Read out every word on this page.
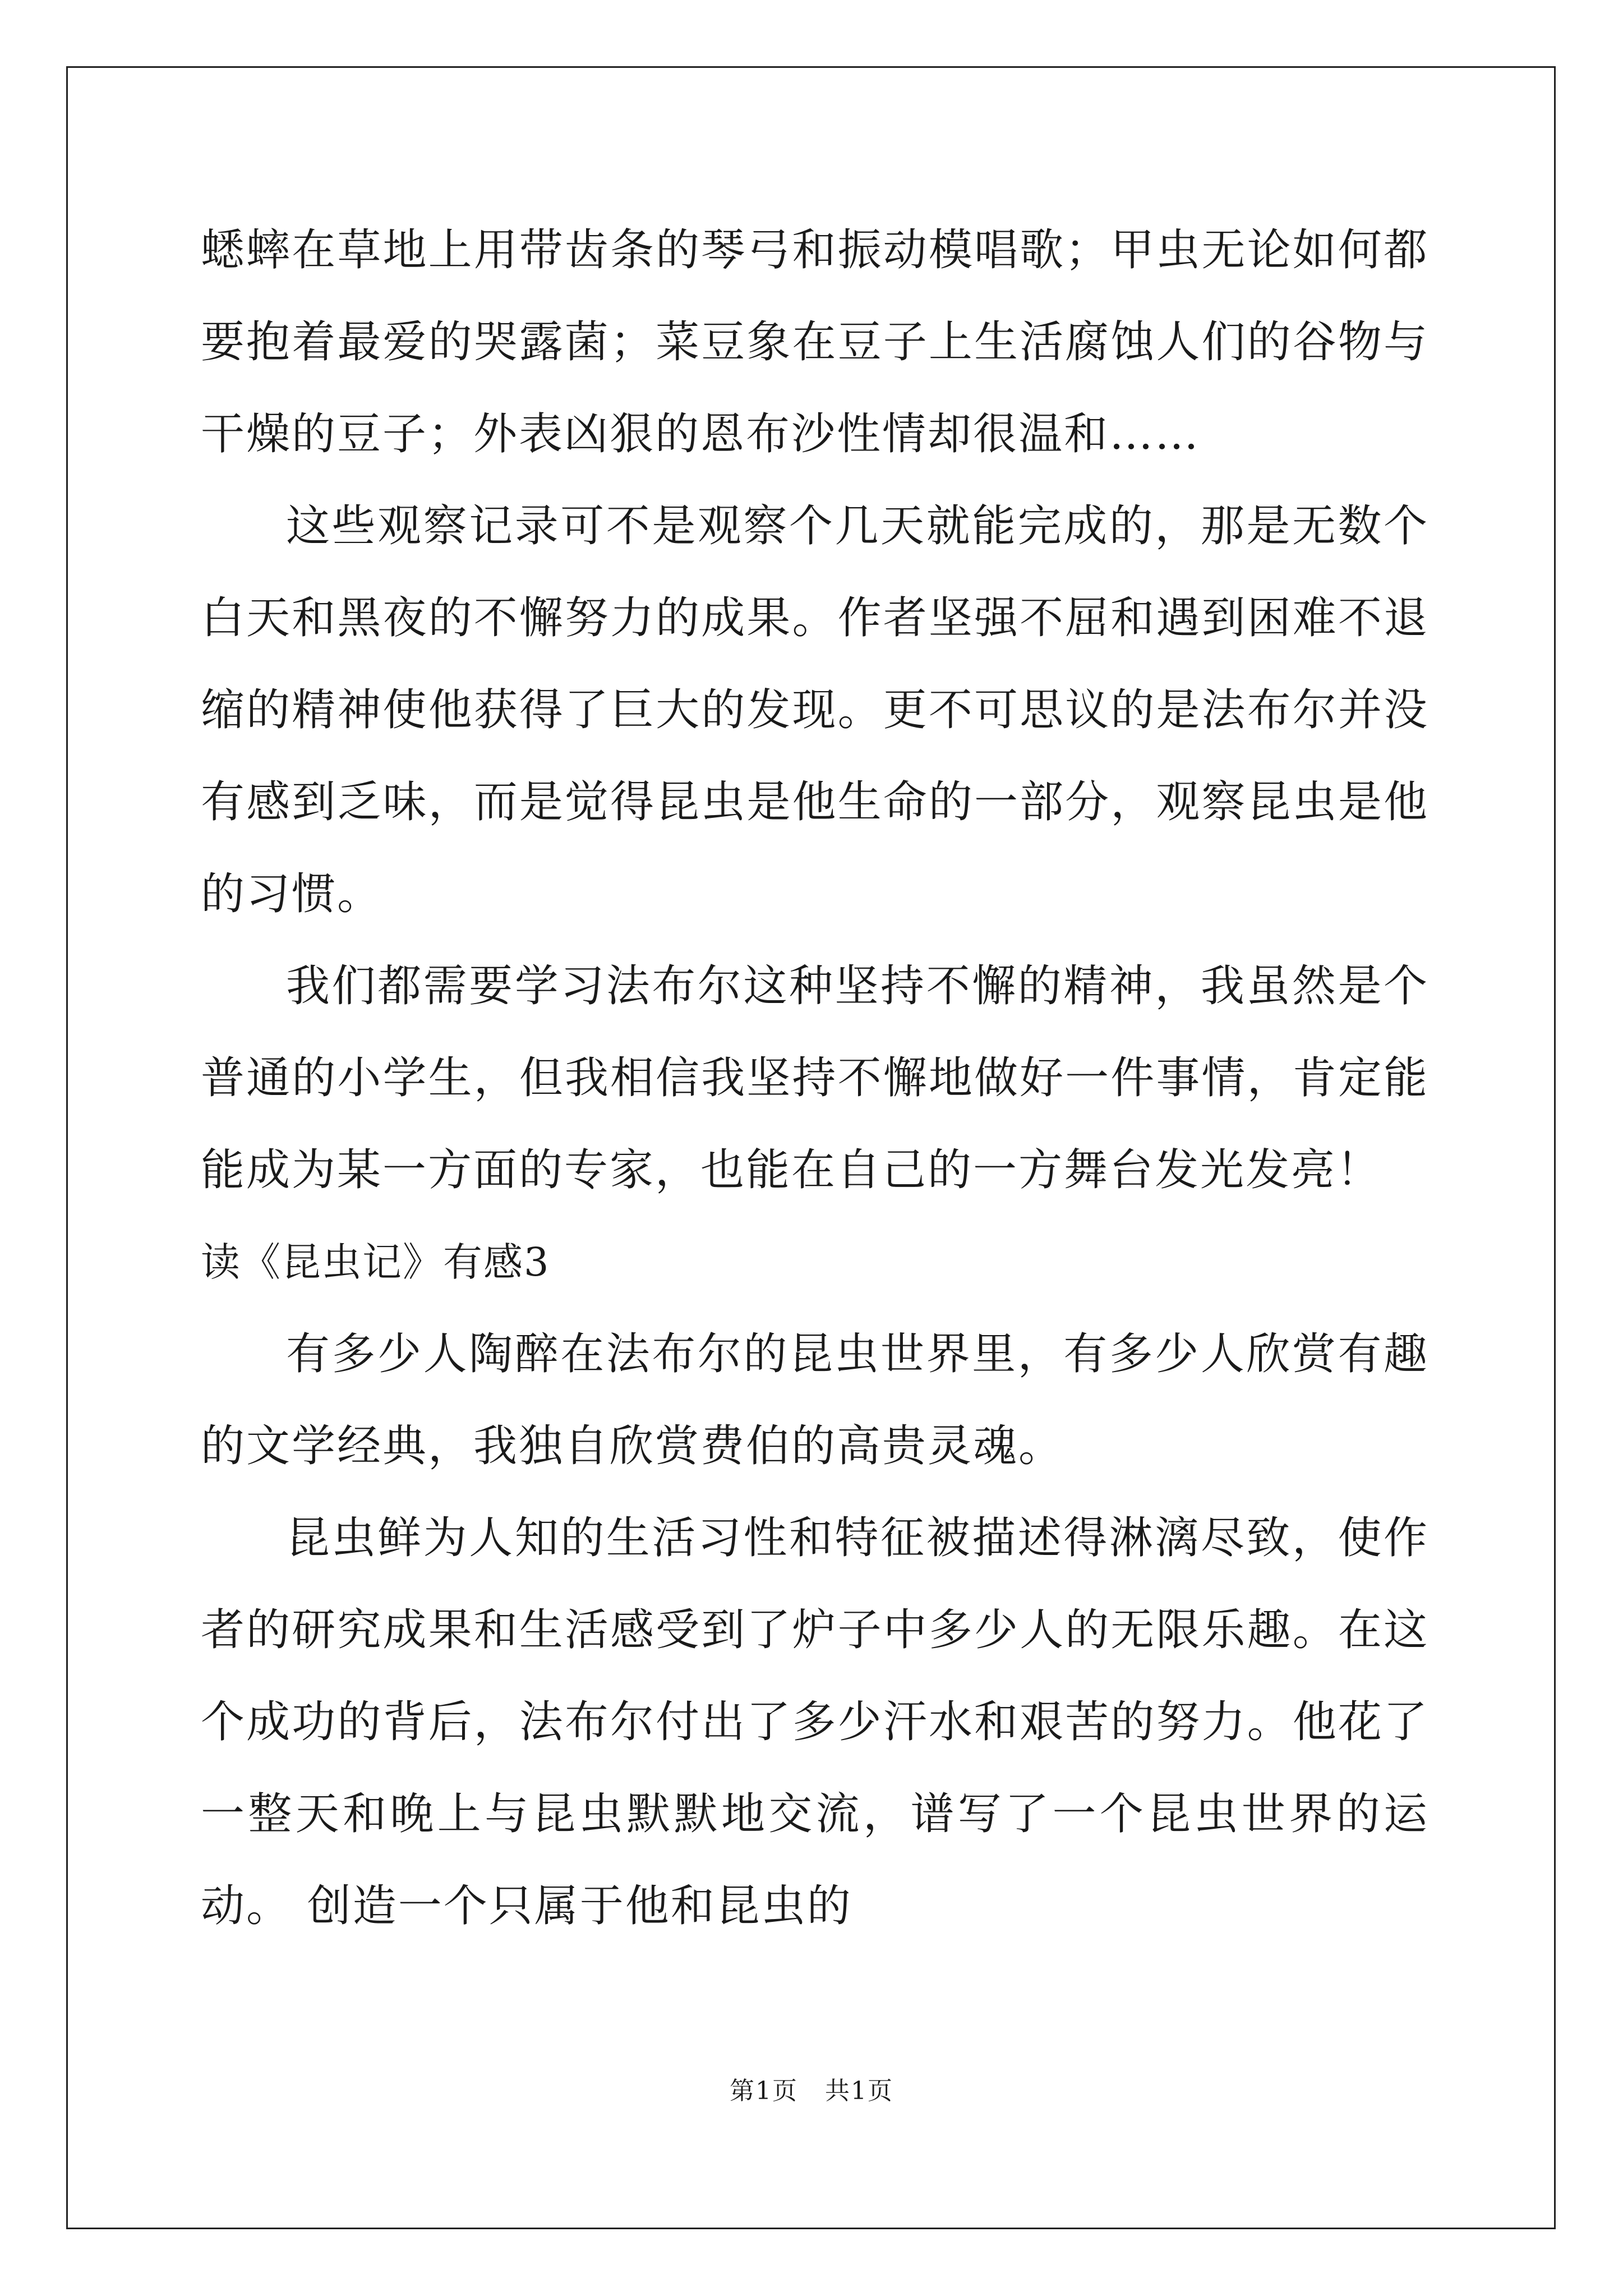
蟋蟀在草地上用带齿条的琴弓和振动模唱歌；甲虫无论如何都要抱着最爱的哭露菌；菜豆象在豆子上生活腐蚀人们的谷物与干燥的豆子；外表凶狠的恩布沙性情却很温和……

这些观察记录可不是观察个几天就能完成的，那是无数个白天和黑夜的不懈努力的成果。作者坚强不屈和遇到困难不退缩的精神使他获得了巨大的发现。更不可思议的是法布尔并没有感到乏味，而是觉得昆虫是他生命的一部分，观察昆虫是他的习惯。

我们都需要学习法布尔这种坚持不懈的精神，我虽然是个普通的小学生，但我相信我坚持不懈地做好一件事情，肯定能能成为某一方面的专家，也能在自己的一方舞台发光发亮！

读《昆虫记》有感3

有多少人陶醉在法布尔的昆虫世界里，有多少人欣赏有趣的文学经典，我独自欣赏费伯的高贵灵魂。

昆虫鲜为人知的生活习性和特征被描述得淋漓尽致，使作者的研究成果和生活感受到了炉子中多少人的无限乐趣。在这个成功的背后，法布尔付出了多少汗水和艰苦的努力。他花了一整天和晚上与昆虫默默地交流，谱写了一个昆虫世界的运动。 创造一个只属于他和昆虫的

第1页 共1页
